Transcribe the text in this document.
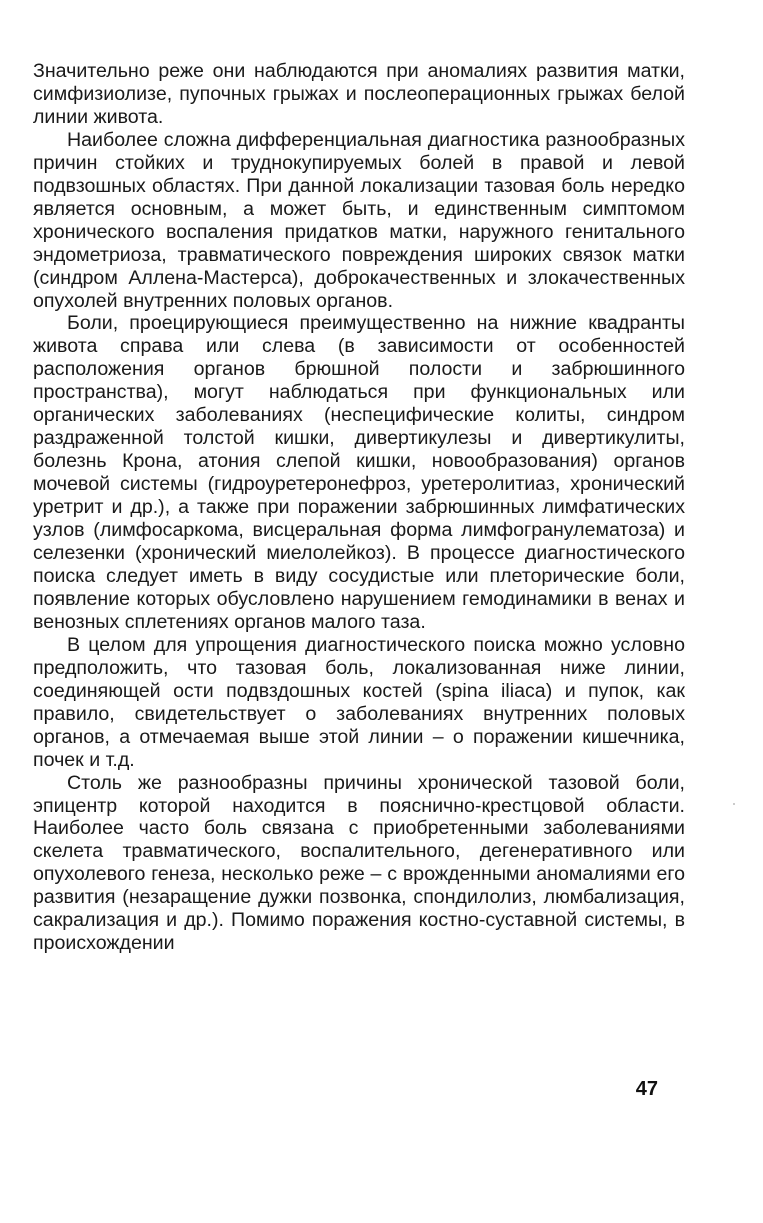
Значительно реже они наблюдаются при аномалиях развития матки, симфизиолизе, пупочных грыжах и послеоперационных грыжах белой линии живота.

Наиболее сложна дифференциальная диагностика разнообразных причин стойких и труднокупируемых болей в правой и левой подвзошных областях. При данной локализации тазовая боль нередко является основным, а может быть, и единственным симптомом хронического воспаления придатков матки, наружного генитального эндометриоза, травматического повреждения широких связок матки (синдром Аллена-Мастерса), доброкачественных и злокачественных опухолей внутренних половых органов.

Боли, проецирующиеся преимущественно на нижние квадранты живота справа или слева (в зависимости от особенностей расположения органов брюшной полости и забрюшинного пространства), могут наблюдаться при функциональных или органических заболеваниях (неспецифические колиты, синдром раздраженной толстой кишки, дивертикулезы и дивертикулиты, болезнь Крона, атония слепой кишки, новообразования) органов мочевой системы (гидроуретеронефроз, уретеролитиаз, хронический уретрит и др.), а также при поражении забрюшинных лимфатических узлов (лимфосаркома, висцеральная форма лимфогранулематоза) и селезенки (хронический миелолейкоз). В процессе диагностического поиска следует иметь в виду сосудистые или плеторические боли, появление которых обусловлено нарушением гемодинамики в венах и венозных сплетениях органов малого таза.

В целом для упрощения диагностического поиска можно условно предположить, что тазовая боль, локализованная ниже линии, соединяющей ости подвздошных костей (spina iliaca) и пупок, как правило, свидетельствует о заболеваниях внутренних половых органов, а отмечаемая выше этой линии – о поражении кишечника, почек и т.д.

Столь же разнообразны причины хронической тазовой боли, эпицентр которой находится в пояснично-крестцовой области. Наиболее часто боль связана с приобретенными заболеваниями скелета травматического, воспалительного, дегенеративного или опухолевого генеза, несколько реже – с врожденными аномалиями его развития (незаращение дужки позвонка, спондилолиз, люмбализация, сакрализация и др.). Помимо поражения костно-суставной системы, в происхождении

47
